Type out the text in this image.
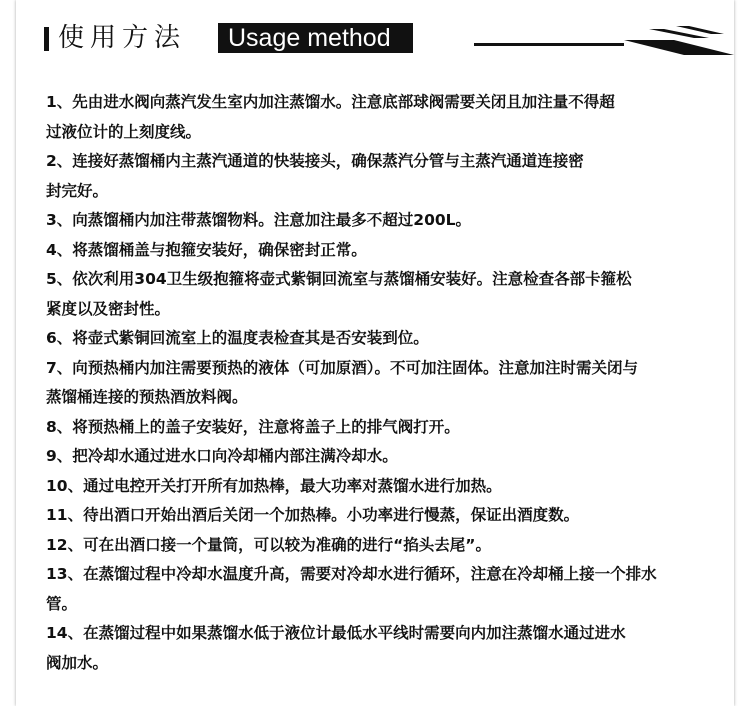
使用方法 Usage method

1、先由进水阀向蒸汽发生室内加注蒸馏水。注意底部球阀需要关闭且加注量不得超
过液位计的上刻度线。

2、连接好蒸馏桶内主蒸汽通道的快装接头，确保蒸汽分管与主蒸汽通道连接密
封完好。

3、向蒸馏桶内加注带蒸馏物料。注意加注最多不超过200L。

4、将蒸馏桶盖与抱箍安装好，确保密封正常。

5、依次利用304卫生级抱箍将壶式紫铜回流室与蒸馏桶安装好。注意检查各部卡箍松
紧度以及密封性。

6、将壶式紫铜回流室上的温度表检查其是否安装到位。

7、向预热桶内加注需要预热的液体（可加原酒）。不可加注固体。注意加注时需关闭与
蒸馏桶连接的预热酒放料阀。

8、将预热桶上的盖子安装好，注意将盖子上的排气阀打开。

9、把冷却水通过进水口向冷却桶内部注满冷却水。

10、通过电控开关打开所有加热棒，最大功率对蒸馏水进行加热。

11、待出酒口开始出酒后关闭一个加热棒。小功率进行慢蒸，保证出酒度数。

12、可在出酒口接一个量筒，可以较为准确的进行“掐头去尾”。

13、在蒸馏过程中冷却水温度升高，需要对冷却水进行循环，注意在冷却桶上接一个排水
管。

14、在蒸馏过程中如果蒸馏水低于液位计最低水平线时需要向内加注蒸馏水通过进水
阀加水。
